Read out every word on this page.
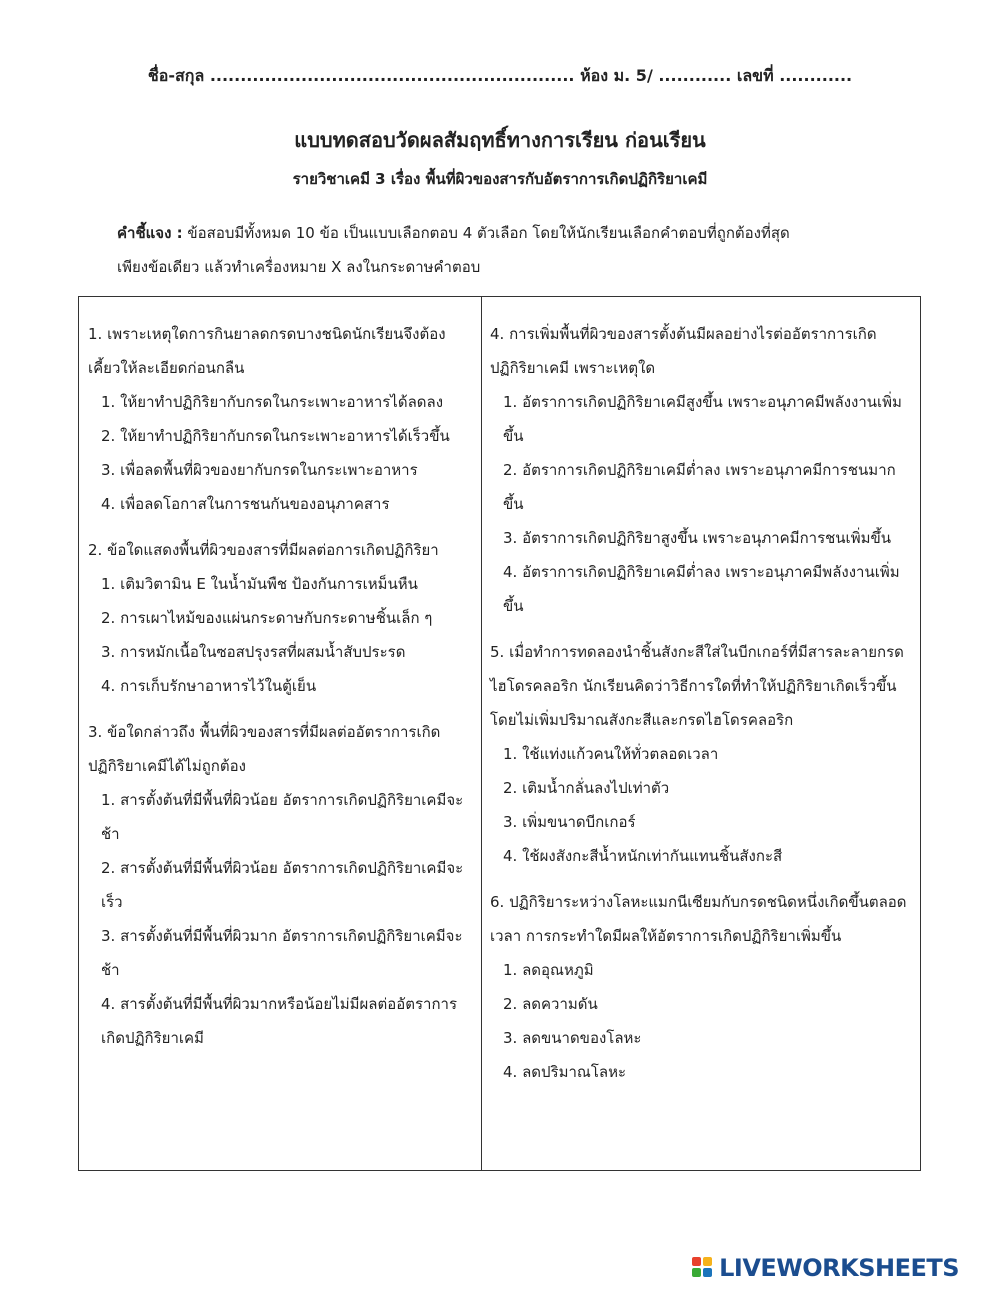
ชื่อ-สกุล ............................................................ ห้อง ม. 5/ ............ เลขที่ ............
แบบทดสอบวัดผลสัมฤทธิ์ทางการเรียน ก่อนเรียน
รายวิชาเคมี 3 เรื่อง พื้นที่ผิวของสารกับอัตราการเกิดปฏิกิริยาเคมี
คำชี้แจง : ข้อสอบมีทั้งหมด 10 ข้อ เป็นแบบเลือกตอบ 4 ตัวเลือก โดยให้นักเรียนเลือกคำตอบที่ถูกต้องที่สุด
เพียงข้อเดียว แล้วทำเครื่องหมาย X ลงในกระดาษคำตอบ
1. เพราะเหตุใดการกินยาลดกรดบางชนิดนักเรียนจึงต้องเคี้ยวให้ละเอียดก่อนกลืน
1. ให้ยาทำปฏิกิริยากับกรดในกระเพาะอาหารได้ลดลง
2. ให้ยาทำปฏิกิริยากับกรดในกระเพาะอาหารได้เร็วขึ้น
3. เพื่อลดพื้นที่ผิวของยากับกรดในกระเพาะอาหาร
4. เพื่อลดโอกาสในการชนกันของอนุภาคสาร
2. ข้อใดแสดงพื้นที่ผิวของสารที่มีผลต่อการเกิดปฏิกิริยา
1. เติมวิตามิน E ในน้ำมันพืช ป้องกันการเหม็นหืน
2. การเผาไหม้ของแผ่นกระดาษกับกระดาษชิ้นเล็ก ๆ
3. การหมักเนื้อในซอสปรุงรสที่ผสมน้ำสับประรด
4. การเก็บรักษาอาหารไว้ในตู้เย็น
3. ข้อใดกล่าวถึง พื้นที่ผิวของสารที่มีผลต่ออัตราการเกิดปฏิกิริยาเคมีได้ไม่ถูกต้อง
1. สารตั้งต้นที่มีพื้นที่ผิวน้อย อัตราการเกิดปฏิกิริยาเคมีจะช้า
2. สารตั้งต้นที่มีพื้นที่ผิวน้อย อัตราการเกิดปฏิกิริยาเคมีจะเร็ว
3. สารตั้งต้นที่มีพื้นที่ผิวมาก อัตราการเกิดปฏิกิริยาเคมีจะช้า
4. สารตั้งต้นที่มีพื้นที่ผิวมากหรือน้อยไม่มีผลต่ออัตราการเกิดปฏิกิริยาเคมี
4. การเพิ่มพื้นที่ผิวของสารตั้งต้นมีผลอย่างไรต่ออัตราการเกิดปฏิกิริยาเคมี เพราะเหตุใด
1. อัตราการเกิดปฏิกิริยาเคมีสูงขึ้น เพราะอนุภาคมีพลังงานเพิ่มขึ้น
2. อัตราการเกิดปฏิกิริยาเคมีต่ำลง เพราะอนุภาคมีการชนมากขึ้น
3. อัตราการเกิดปฏิกิริยาสูงขึ้น เพราะอนุภาคมีการชนเพิ่มขึ้น
4. อัตราการเกิดปฏิกิริยาเคมีต่ำลง เพราะอนุภาคมีพลังงานเพิ่มขึ้น
5. เมื่อทำการทดลองนำชิ้นสังกะสีใส่ในบีกเกอร์ที่มีสารละลายกรดไฮโดรคลอริก นักเรียนคิดว่าวิธีการใดที่ทำให้ปฏิกิริยาเกิดเร็วขึ้นโดยไม่เพิ่มปริมาณสังกะสีและกรดไฮโดรคลอริก
1. ใช้แท่งแก้วคนให้ทั่วตลอดเวลา
2. เติมน้ำกลั่นลงไปเท่าตัว
3. เพิ่มขนาดบีกเกอร์
4. ใช้ผงสังกะสีน้ำหนักเท่ากันแทนชิ้นสังกะสี
6. ปฏิกิริยาระหว่างโลหะแมกนีเซียมกับกรดชนิดหนึ่งเกิดขึ้นตลอดเวลา การกระทำใดมีผลให้อัตราการเกิดปฏิกิริยาเพิ่มขึ้น
1. ลดอุณหภูมิ
2. ลดความดัน
3. ลดขนาดของโลหะ
4. ลดปริมาณโลหะ
LIVEWORKSHEETS
